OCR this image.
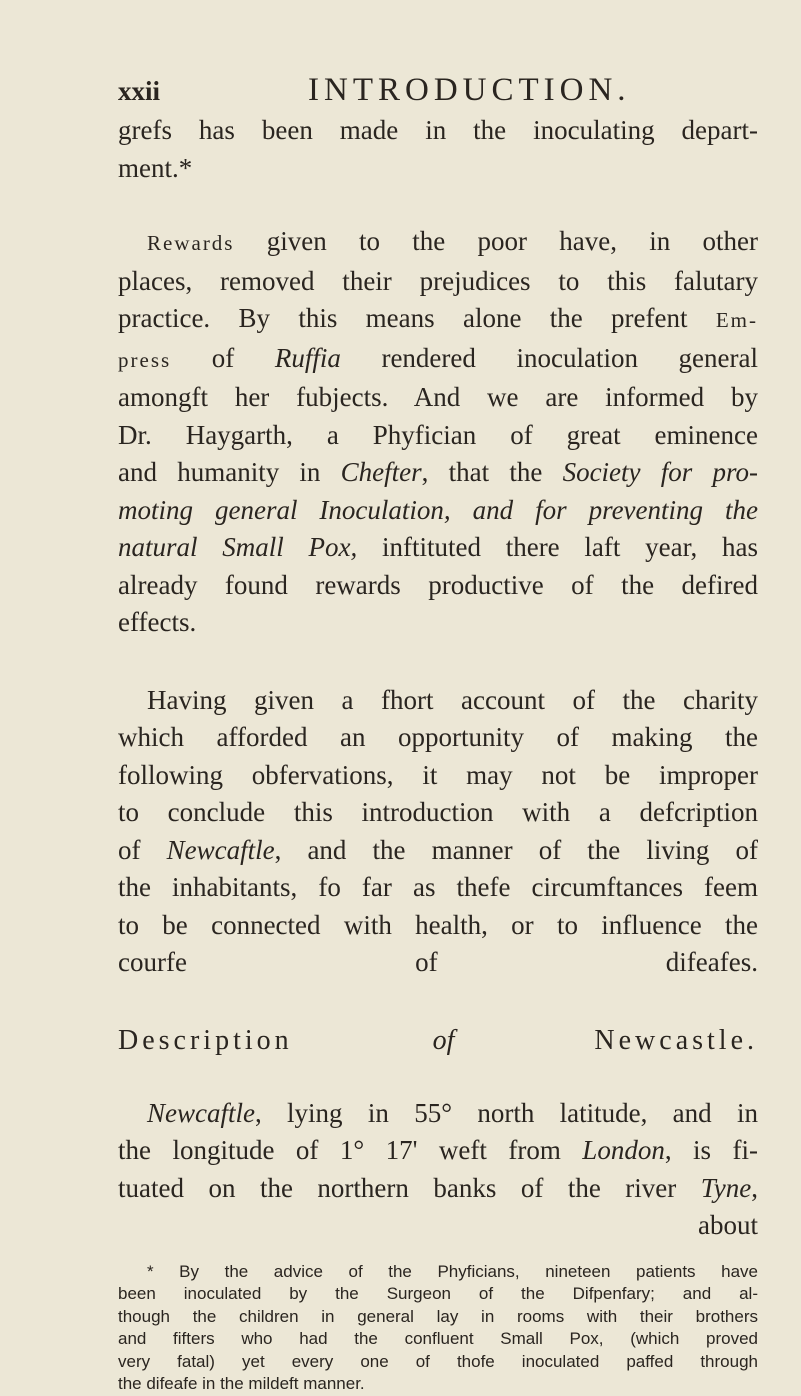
xxii	INTRODUCTION.

grefs has been made in the inoculating depart-
ment.*

Rewards given to the poor have, in other
places, removed their prejudices to this falutary
practice. By this means alone the prefent Em-
press of Ruffia rendered inoculation general
amongft her fubjects. And we are informed by
Dr. Haygarth, a Phyfician of great eminence
and humanity in Chefter, that the Society for pro-
moting general Inoculation, and for preventing the
natural Small Pox, inftituted there laft year, has
already found rewards productive of the defired
effects.

Having given a fhort account of the charity
which afforded an opportunity of making the
following obfervations, it may not be improper
to conclude this introduction with a defcription
of Newcaftle, and the manner of the living of
the inhabitants, fo far as thefe circumftances feem
to be connected with health, or to influence the
courfe of difeafes.

Description	of	Newcastle.

Newcaftle, lying in 55° north latitude, and in
the longitude of 1° 17' weft from London, is fi-
tuated on the northern banks of the river Tyne,

about

* By the advice of the Phyficians, nineteen patients have

been inoculated by the Surgeon of the Difpenfary; and al-

though the children in general lay in rooms with their brothers

and fifters who had the confluent Small Pox, (which proved

very fatal) yet every one of thofe inoculated paffed through

the difeafe in the mildeft manner.
